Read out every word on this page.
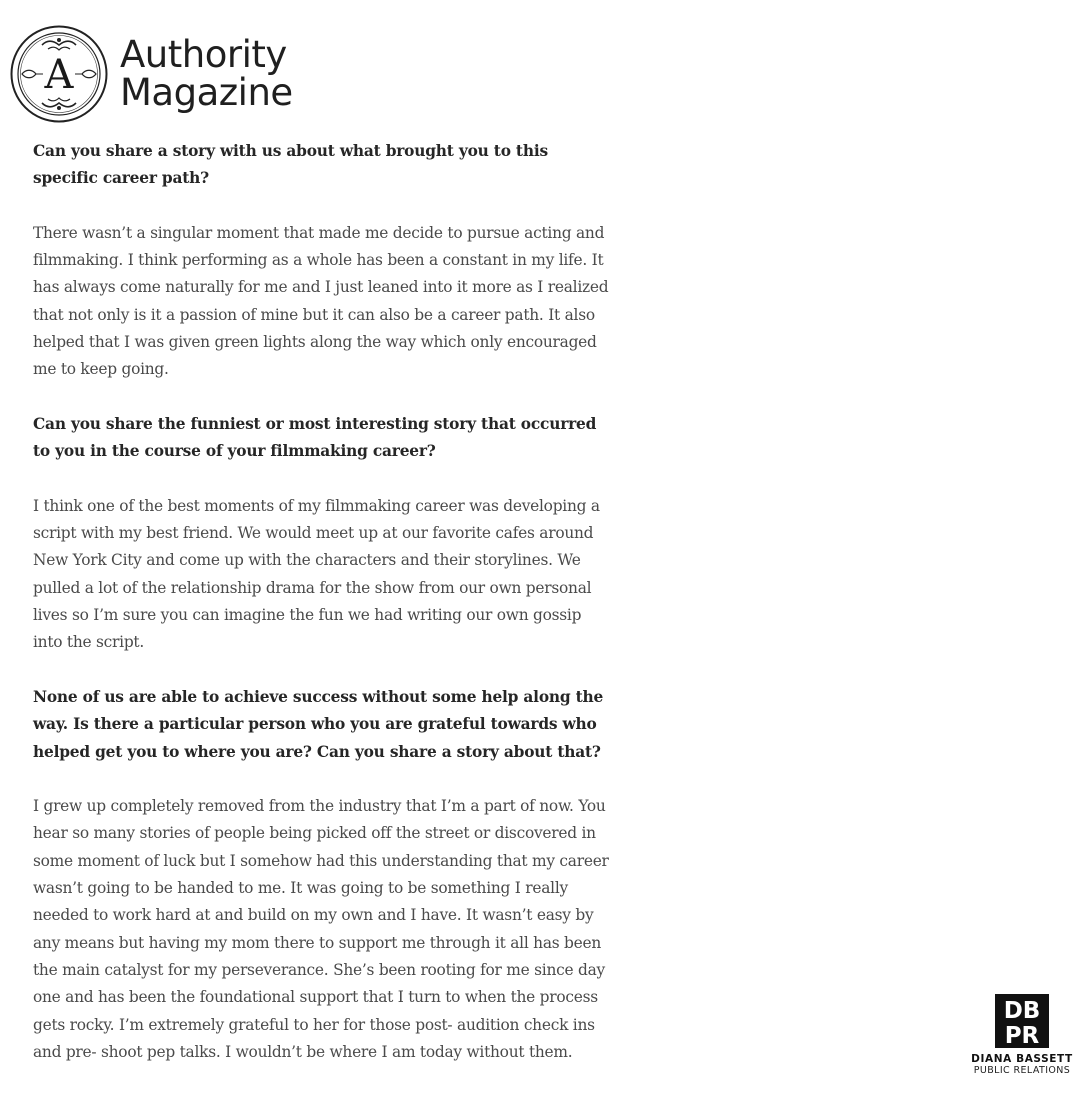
A Authority
Magazine

Can you share a story with us about what brought you to this specific career path?

There wasn’t a singular moment that made me decide to pursue acting and filmmaking. I think performing as a whole has been a constant in my life. It has always come naturally for me and I just leaned into it more as I realized that not only is it a passion of mine but it can also be a career path. It also helped that I was given green lights along the way which only encouraged me to keep going.

Can you share the funniest or most interesting story that occurred to you in the course of your filmmaking career?

I think one of the best moments of my filmmaking career was developing a script with my best friend. We would meet up at our favorite cafes around New York City and come up with the characters and their storylines. We pulled a lot of the relationship drama for the show from our own personal lives so I’m sure you can imagine the fun we had writing our own gossip into the script.

None of us are able to achieve success without some help along the way. Is there a particular person who you are grateful towards who helped get you to where you are? Can you share a story about that?

I grew up completely removed from the industry that I’m a part of now. You hear so many stories of people being picked off the street or discovered in some moment of luck but I somehow had this understanding that my career wasn’t going to be handed to me. It was going to be something I really needed to work hard at and build on my own and I have. It wasn’t easy by any means but having my mom there to support me through it all has been the main catalyst for my perseverance. She’s been rooting for me since day one and has been the foundational support that I turn to when the process gets rocky. I’m extremely grateful to her for those post- audition check ins and pre- shoot pep talks. I wouldn’t be where I am today without them.

DB
PR
DIANA BASSETT
PUBLIC RELATIONS
